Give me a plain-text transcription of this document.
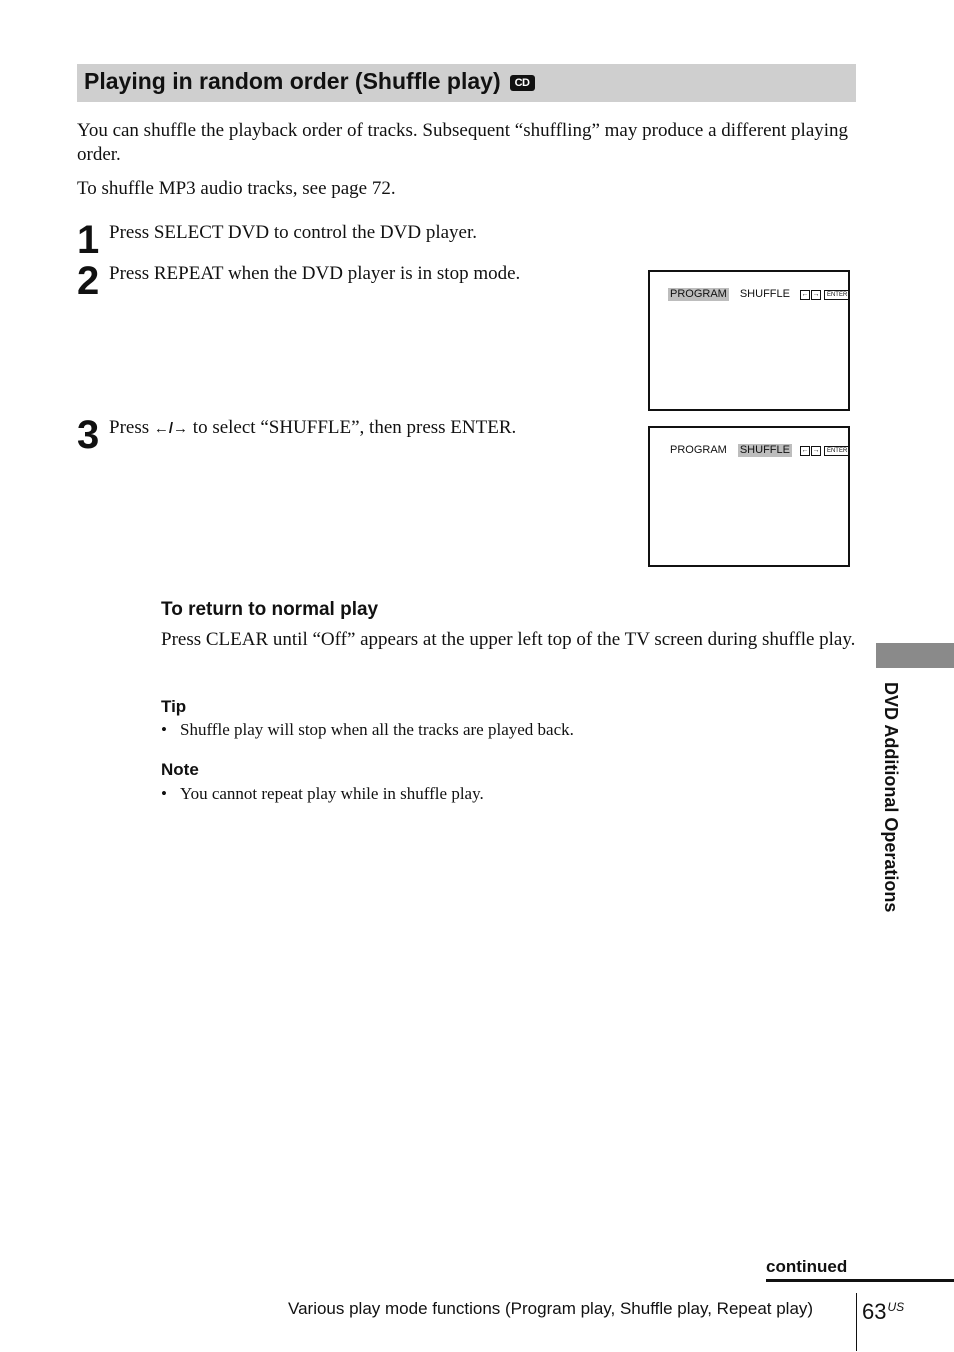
Playing in random order (Shuffle play)	CD
You can shuffle the playback order of tracks. Subsequent “shuffling” may produce a different playing order.
To shuffle MP3 audio tracks, see page 72.
1 Press SELECT DVD to control the DVD player.
2 Press REPEAT when the DVD player is in stop mode.
PROGRAM SHUFFLE ← →	ENTER
3 Press ←/→ to select “SHUFFLE”, then press ENTER.
PROGRAM SHUFFLE ← →	ENTER
To return to normal play
Press CLEAR until “Off” appears at the upper left top of the TV screen during shuffle play.
Tip
• Shuffle play will stop when all the tracks are played back.
Note
• You cannot repeat play while in shuffle play.	DVD Additional Operations
continued
Various play mode functions (Program play, Shuffle play, Repeat play) $63^{US}$
